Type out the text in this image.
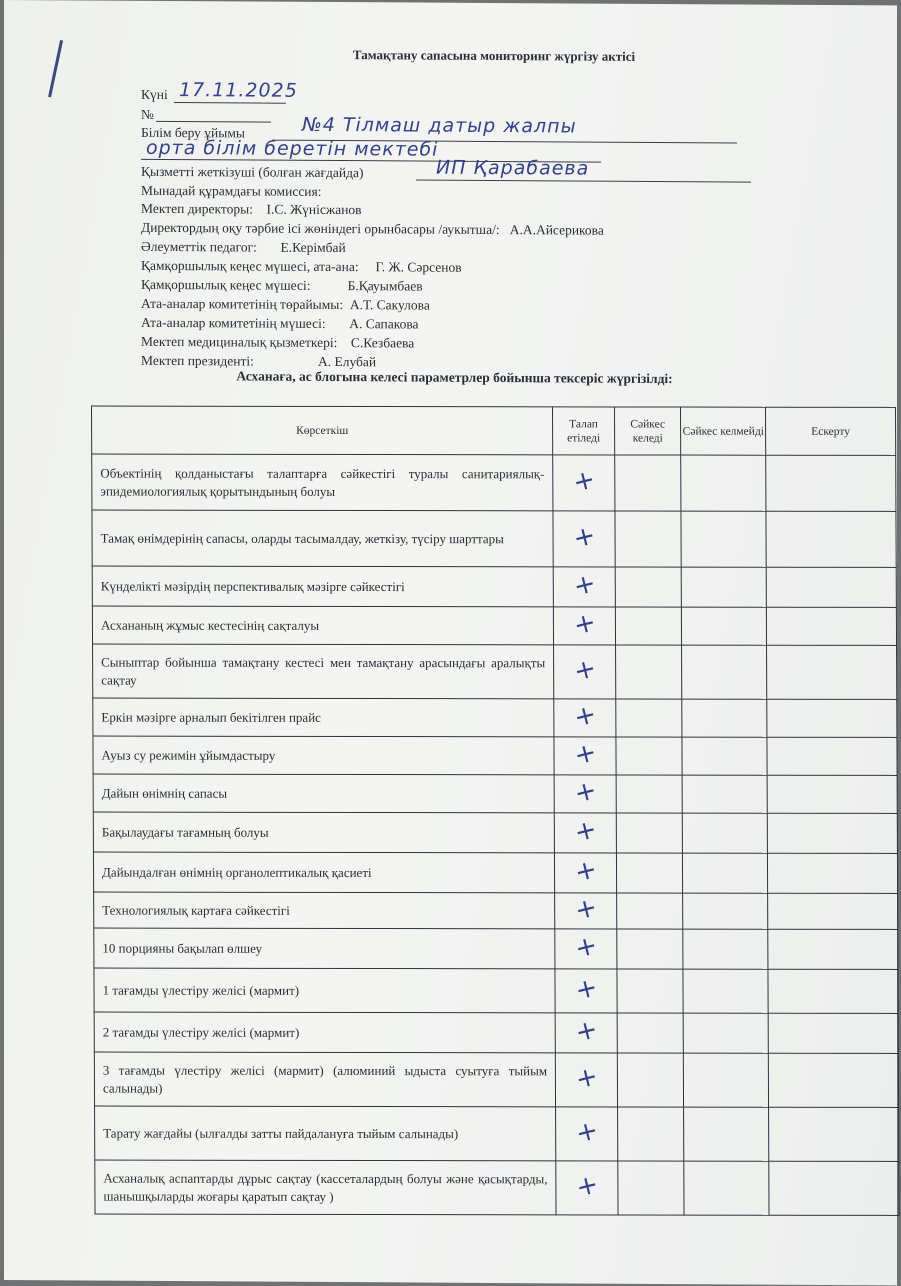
Тамақтану сапасына мониторинг жүргізу актісі
Күні 17.11.2025
№
Білім беру ұйымы	№4 Тілмаш датыр жалпы
орта білім беретін мектебі
Қызметті жеткізуші (болған жағдайда)	ИП Қарабаева
Мынадай құрамдағы комиссия:
Мектеп директоры: І.С. Жүнісжанов
Директордың оқу тәрбие ісі жөніндегі орынбасары /аукытша/: А.А.Айсерикова
Әлеуметтік педагог: Е.Керімбай
Қамқоршылық кеңес мүшесі, ата-ана: Г. Ж. Сәрсенов
Қамқоршылық кеңес мүшесі:	Б.Қауымбаев
Ата-аналар комитетінің төрайымы: А.Т. Сакулова
Ата-аналар комитетінің мүшесі: А. Сапакова
Мектеп медициналық қызметкері: С.Кезбаева
Мектеп президенті:	А. Елубай
Асханаға, ас блогына келесі параметрлер бойынша тексеріс жүргізілді:
Көрсеткіш	Талап етіледі	Сәйкес келеді	Сәйкес келмейді	Ескерту
Объектінің қолданыстағы талаптарға сәйкестігі туралы санитариялық-эпидемиологиялық қорытындының болуы	+			
Тамақ өнімдерінің сапасы, оларды тасымалдау, жеткізу, түсіру шарттары	+			
Күнделікті мәзірдің перспективалық мәзірге сәйкестігі	+			
Асхананың жұмыс кестесінің сақталуы	+			
Сыныптар бойынша тамақтану кестесі мен тамақтану арасындағы аралықты сақтау	+			
Еркін мәзірге арналып бекітілген прайс	+			
Ауыз су режимін ұйымдастыру	+			
Дайын өнімнің сапасы	+			
Бақылаудағы тағамның болуы	+			
Дайындалған өнімнің органолептикалық қасиеті	+			
Технологиялық картаға сәйкестігі	+			
10 порцияны бақылап өлшеу	+			
1 тағамды үлестіру желісі (мармит)	+			
2 тағамды үлестіру желісі (мармит)	+			
3 тағамды үлестіру желісі (мармит) (алюминий ыдыста суытуға тыйым салынады)	+			
Тарату жағдайы (ылғалды затты пайдалануға тыйым салынады)	+			
Асханалық аспаптарды дұрыс сақтау (кассеталардың болуы және қасықтарды, шанышқыларды жоғары қаратып сақтау )	+			
